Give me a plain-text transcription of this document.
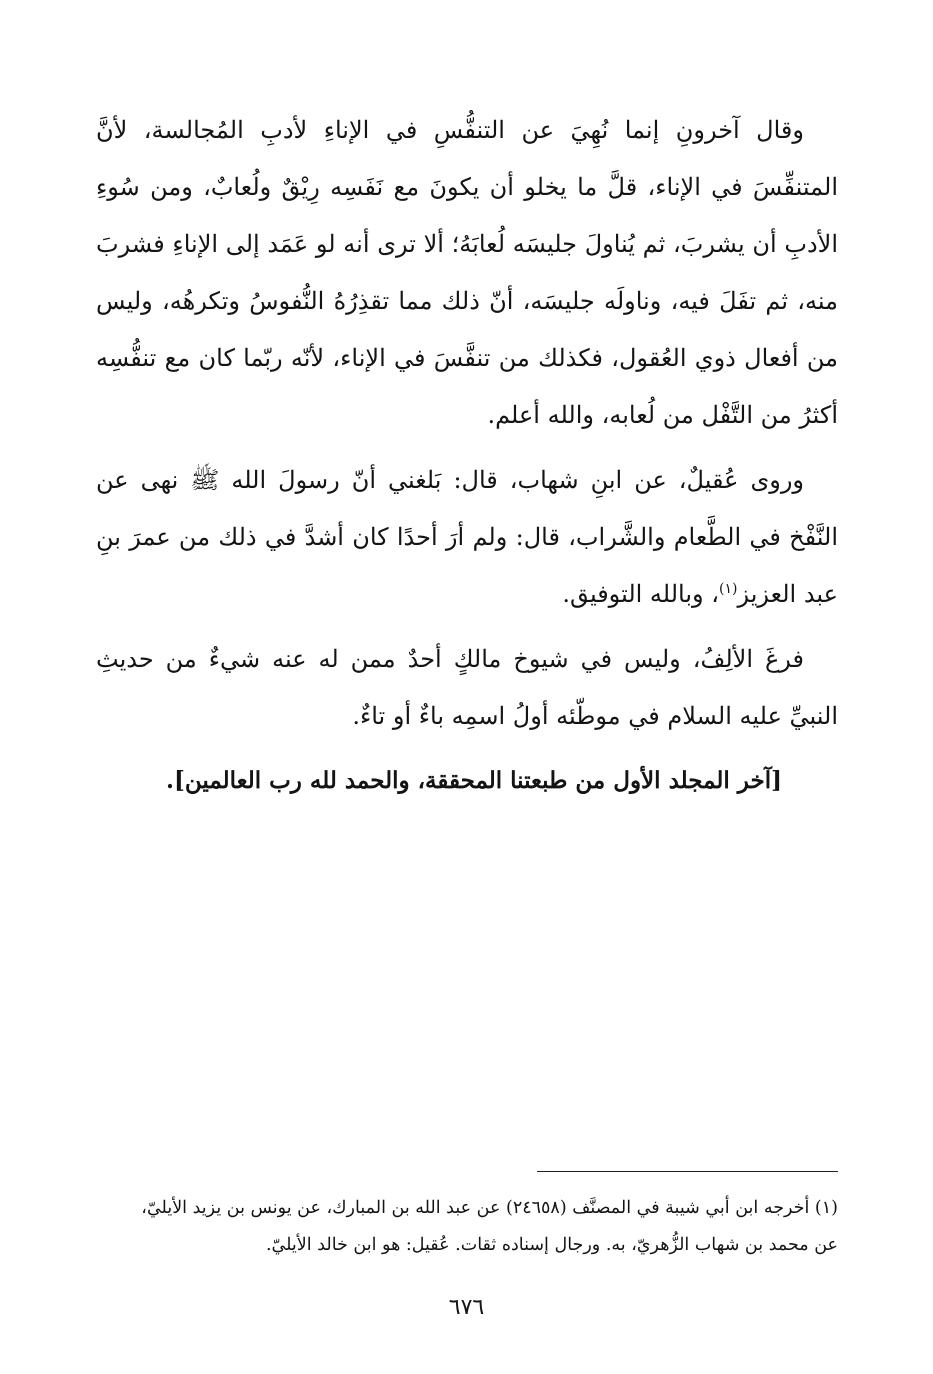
وقال آخرونِ إنما نُهِيَ عن التنفُّسِ في الإناءِ لأدبِ المُجالسة، لأنَّ المتنفِّسَ في الإناء، قلَّ ما يخلو أن يكونَ مع نَفَسِه رِيْقٌ ولُعابٌ، ومن سُوءِ الأدبِ أن يشربَ، ثم يُناولَ جليسَه لُعابَهُ؛ ألا ترى أنه لو عَمَد إلى الإناءِ فشربَ منه، ثم تفَلَ فيه، وناولَه جليسَه، أنّ ذلك مما تقذِرُهُ النُّفوسُ وتكرهُه، وليس من أفعال ذوي العُقول، فكذلك من تنفَّسَ في الإناء، لأنّه ربّما كان مع تنفُّسِه أكثرُ من التَّفْل من لُعابه، والله أعلم.

وروى عُقيلٌ، عن ابنِ شهاب، قال: بَلغني أنّ رسولَ الله ﷺ نهى عن النَّفْخ في الطَّعام والشَّراب، قال: ولم أرَ أحدًا كان أشدَّ في ذلك من عمرَ بنِ عبد العزيز$^{(١)}$، وبالله التوفيق.

فرغَ الألِفُ، وليس في شيوخ مالكٍ أحدٌ ممن له عنه شيءٌ من حديثِ النبيِّ عليه السلام في موطّئه أولُ اسمِه باءٌ أو تاءٌ.

[آخر المجلد الأول من طبعتنا المحققة، والحمد لله رب العالمين].

(١) أخرجه ابن أبي شيبة في المصنَّف (٢٤٦٥٨) عن عبد الله بن المبارك، عن يونس بن يزيد الأيليّ،
عن محمد بن شهاب الزُّهريّ، به. ورجال إسناده ثقات. عُقيل: هو ابن خالد الأيليّ.
٦٧٦
